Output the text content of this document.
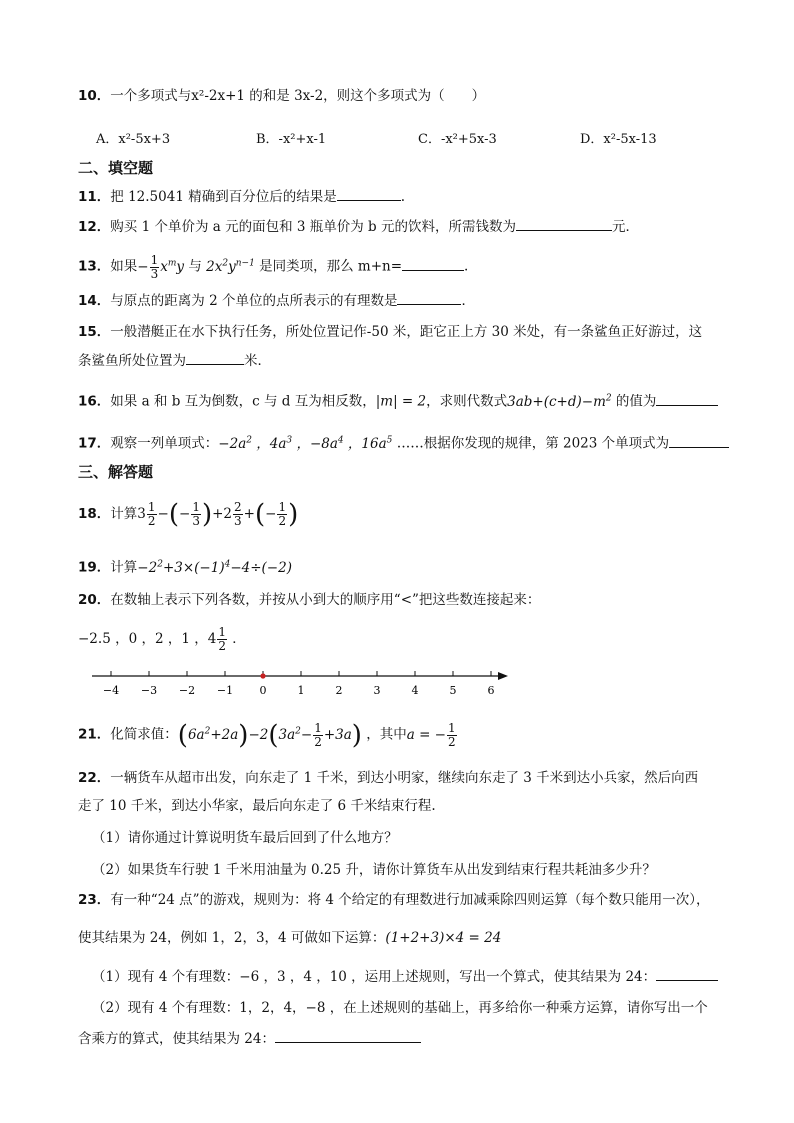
10．一个多项式与x²-2x+1 的和是 3x-2，则这个多项式为（　　）
A．x²-5x+3	B．-x²+x-1	C．-x²+5x-3	D．x²-5x-13
二、填空题
11．把 12.5041 精确到百分位后的结果是	.
12．购买 1 个单价为 a 元的面包和 3 瓶单价为 b 元的饮料，所需钱数为	元．
13．如果− $\frac{1}{3} x^my$ 与 $2x^2y^{n-1}$ 是同类项，那么 m+n=	.
14．与原点的距离为 2 个单位的点所表示的有理数是	．
15．一般潜艇正在水下执行任务，所处位置记作-50 米，距它正上方 30 米处，有一条鲨鱼正好游过，这
条鲨鱼所处位置为	米．
16．如果 a 和 b 互为倒数，c 与 d 互为相反数，|m| = 2，求则代数式$3ab+(c+d)-m^2$ 的值为
17．观察一列单项式：$-2a^2$ ，$4a^3$ ，$-8a^4$ ，$16a^5$ ……根据你发现的规律，第 2023 个单项式为
三、解答题
18．计算$3 \frac{1}{2}$ −(− $\frac{1}{3} )+2 \frac{2}{3}$ +(− $\frac{1}{2}$ )
19．计算$-2^2+3\times(-1)^4-4\div(-2)$
20．在数轴上表示下列各数，并按从小到大的顺序用“<”把这些数连接起来：
−2.5 ，0 ，2 ，1 ，$4 \frac{1}{2}$ ．
−4 −3 −2 −1 0	1	2	3	4	5	6
21．化简求值：$(6a^2+2a)-2(3a^2- \frac{1}{2} +3a)$ ，其中a = − $\frac{1}{2}$
22．一辆货车从超市出发，向东走了 1 千米，到达小明家，继续向东走了 3 千米到达小兵家，然后向西
走了 10 千米，到达小华家，最后向东走了 6 千米结束行程.
（1）请你通过计算说明货车最后回到了什么地方？
（2）如果货车行驶 1 千米用油量为 0.25 升，请你计算货车从出发到结束行程共耗油多少升？
23．有一种“24 点”的游戏，规则为：将 4 个给定的有理数进行加减乘除四则运算（每个数只能用一次），
使其结果为 24，例如 1，2，3，4 可做如下运算：(1+2+3)×4 = 24
（1）现有 4 个有理数：−6 ，3 ，4 ，10 ，运用上述规则，写出一个算式，使其结果为 24：
（2）现有 4 个有理数：1，2，4，−8 ，在上述规则的基础上，再多给你一种乘方运算，请你写出一个
含乘方的算式，使其结果为 24：
